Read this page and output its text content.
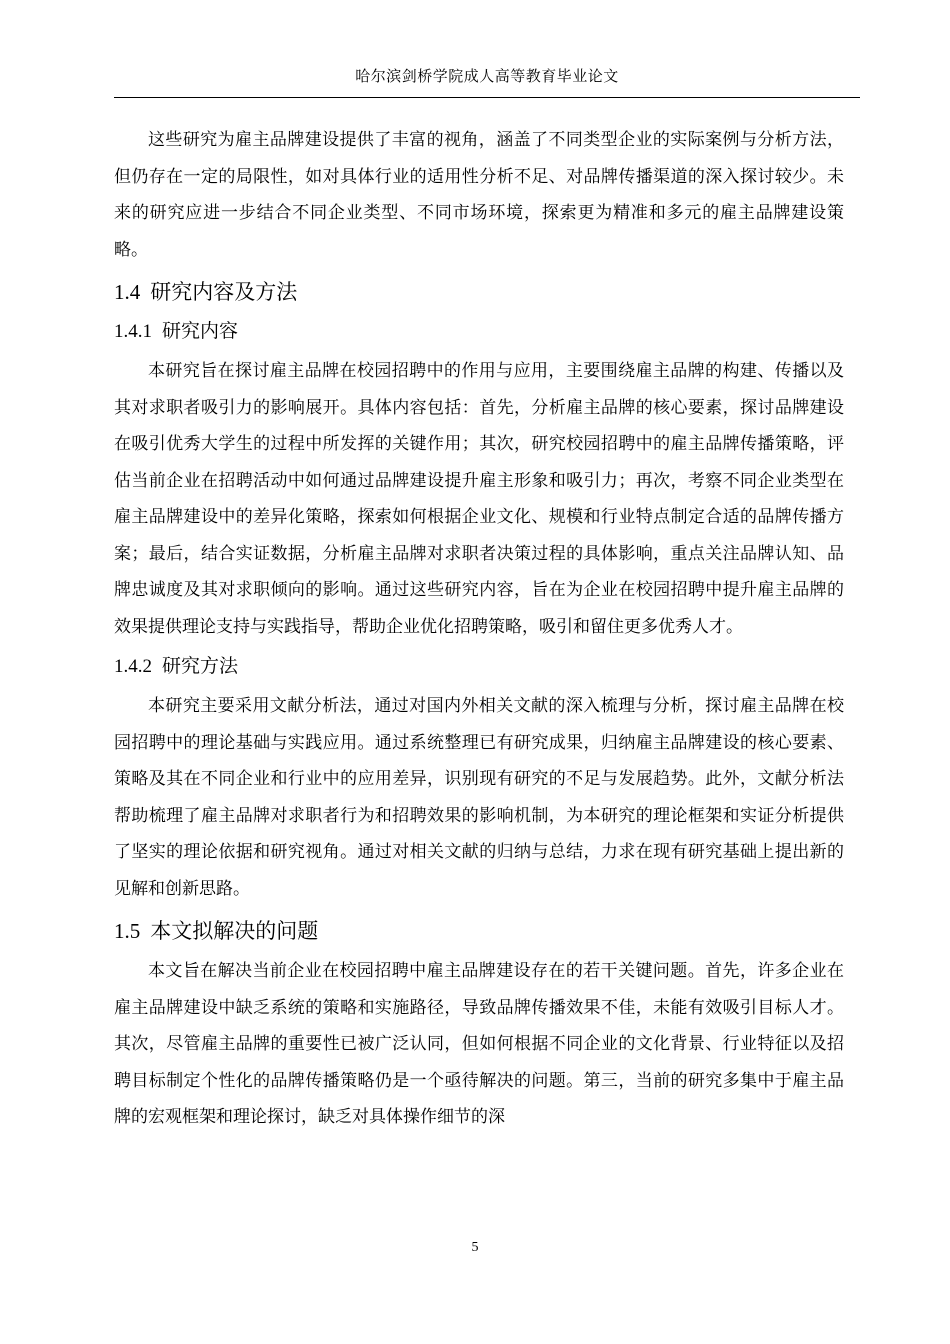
哈尔滨剑桥学院成人高等教育毕业论文

这些研究为雇主品牌建设提供了丰富的视角，涵盖了不同类型企业的实际案例与分析方法，但仍存在一定的局限性，如对具体行业的适用性分析不足、对品牌传播渠道的深入探讨较少。未来的研究应进一步结合不同企业类型、不同市场环境，探索更为精准和多元的雇主品牌建设策略。

1.4 研究内容及方法
1.4.1 研究内容

本研究旨在探讨雇主品牌在校园招聘中的作用与应用，主要围绕雇主品牌的构建、传播以及其对求职者吸引力的影响展开。具体内容包括：首先，分析雇主品牌的核心要素，探讨品牌建设在吸引优秀大学生的过程中所发挥的关键作用；其次，研究校园招聘中的雇主品牌传播策略，评估当前企业在招聘活动中如何通过品牌建设提升雇主形象和吸引力；再次，考察不同企业类型在雇主品牌建设中的差异化策略，探索如何根据企业文化、规模和行业特点制定合适的品牌传播方案；最后，结合实证数据，分析雇主品牌对求职者决策过程的具体影响，重点关注品牌认知、品牌忠诚度及其对求职倾向的影响。通过这些研究内容，旨在为企业在校园招聘中提升雇主品牌的效果提供理论支持与实践指导，帮助企业优化招聘策略，吸引和留住更多优秀人才。

1.4.2 研究方法

本研究主要采用文献分析法，通过对国内外相关文献的深入梳理与分析，探讨雇主品牌在校园招聘中的理论基础与实践应用。通过系统整理已有研究成果，归纳雇主品牌建设的核心要素、策略及其在不同企业和行业中的应用差异，识别现有研究的不足与发展趋势。此外，文献分析法帮助梳理了雇主品牌对求职者行为和招聘效果的影响机制，为本研究的理论框架和实证分析提供了坚实的理论依据和研究视角。通过对相关文献的归纳与总结，力求在现有研究基础上提出新的见解和创新思路。

1.5 本文拟解决的问题

本文旨在解决当前企业在校园招聘中雇主品牌建设存在的若干关键问题。首先，许多企业在雇主品牌建设中缺乏系统的策略和实施路径，导致品牌传播效果不佳，未能有效吸引目标人才。其次，尽管雇主品牌的重要性已被广泛认同，但如何根据不同企业的文化背景、行业特征以及招聘目标制定个性化的品牌传播策略仍是一个亟待解决的问题。第三，当前的研究多集中于雇主品牌的宏观框架和理论探讨，缺乏对具体操作细节的深

5
